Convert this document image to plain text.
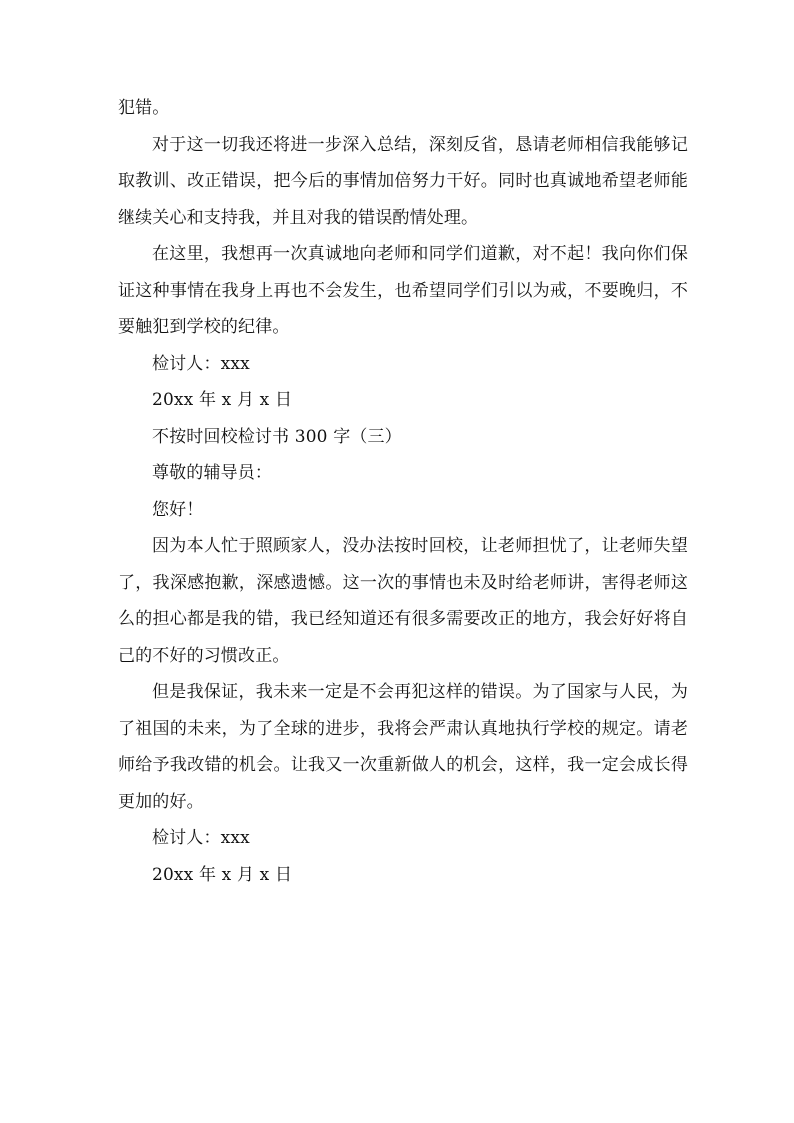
犯错。

对于这一切我还将进一步深入总结，深刻反省，恳请老师相信我能够记取教训、改正错误，把今后的事情加倍努力干好。同时也真诚地希望老师能继续关心和支持我，并且对我的错误酌情处理。

在这里，我想再一次真诚地向老师和同学们道歉，对不起！我向你们保证这种事情在我身上再也不会发生，也希望同学们引以为戒，不要晚归，不要触犯到学校的纪律。

检讨人：xxx

20xx 年 x 月 x 日

不按时回校检讨书 300 字（三）

尊敬的辅导员：

您好！

因为本人忙于照顾家人，没办法按时回校，让老师担忧了，让老师失望了，我深感抱歉，深感遗憾。这一次的事情也未及时给老师讲，害得老师这么的担心都是我的错，我已经知道还有很多需要改正的地方，我会好好将自己的不好的习惯改正。

但是我保证，我未来一定是不会再犯这样的错误。为了国家与人民，为了祖国的未来，为了全球的进步，我将会严肃认真地执行学校的规定。请老师给予我改错的机会。让我又一次重新做人的机会，这样，我一定会成长得更加的好。

检讨人：xxx

20xx 年 x 月 x 日
